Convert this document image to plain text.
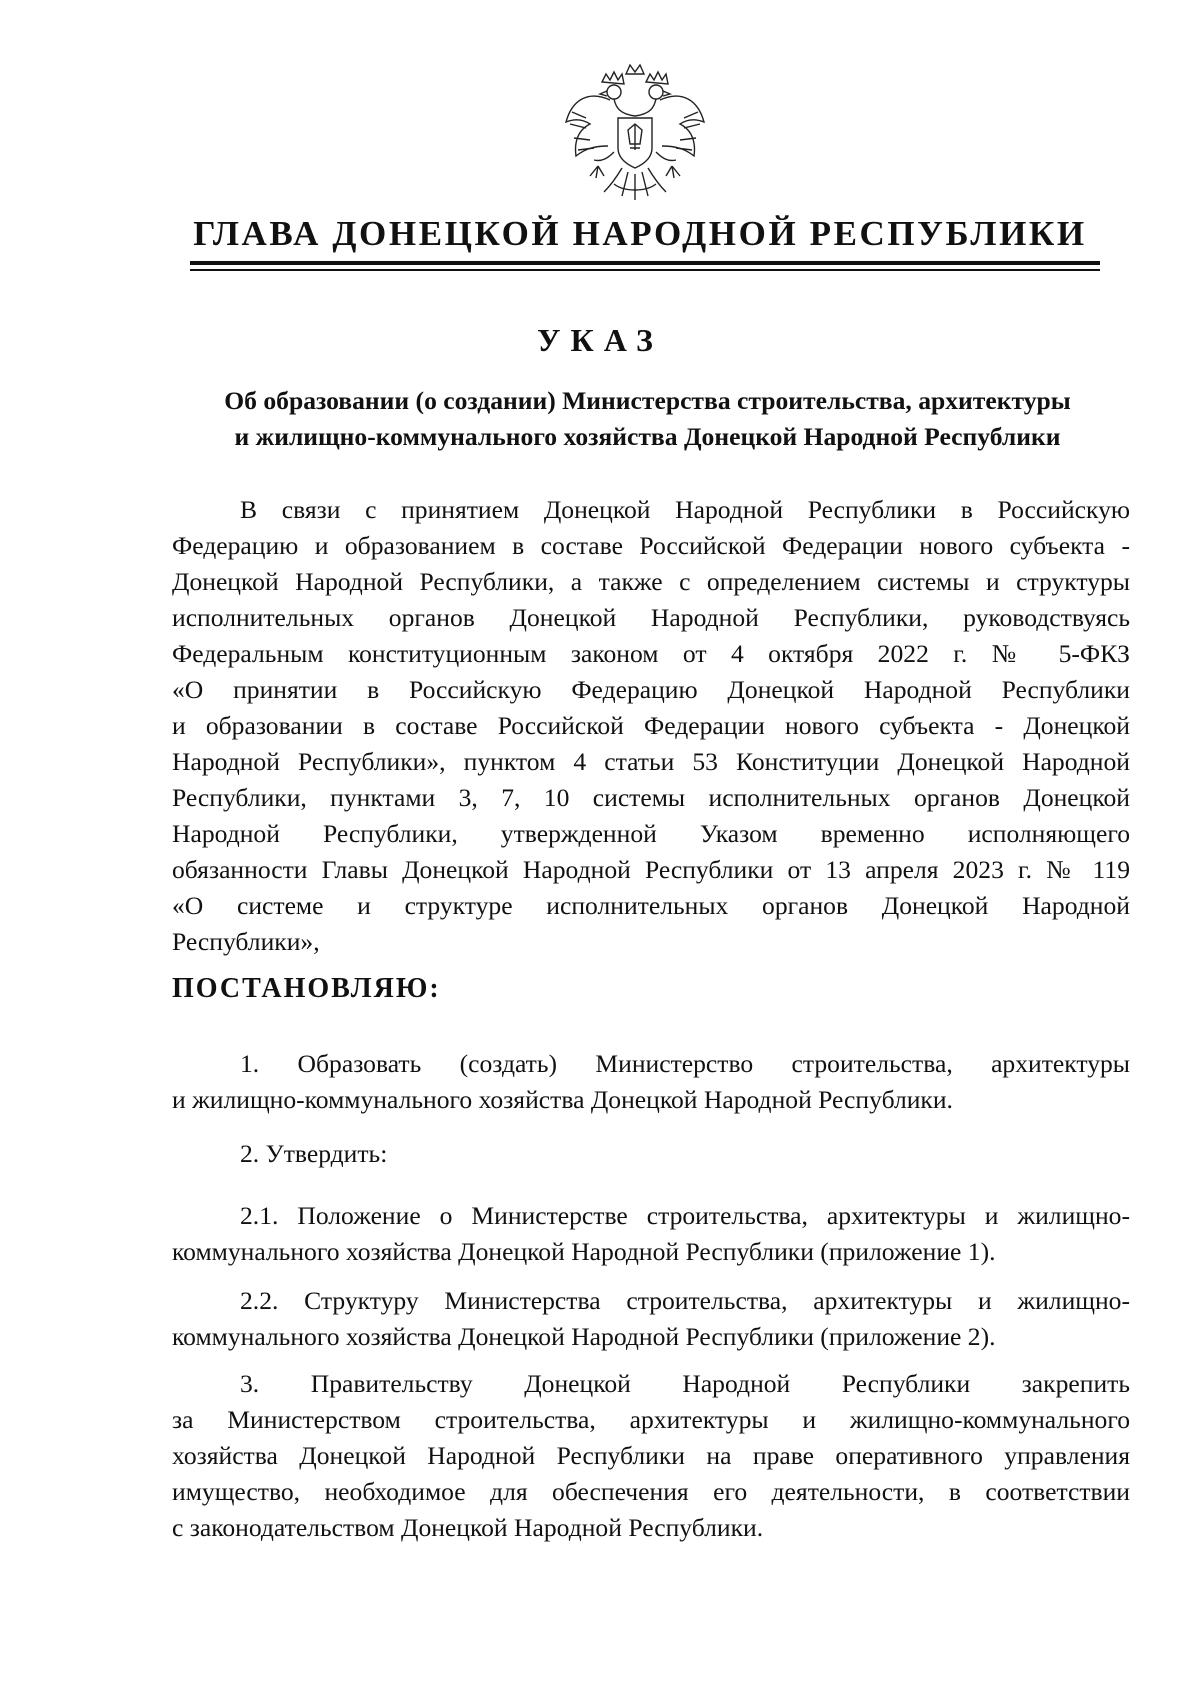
ГЛАВА ДОНЕЦКОЙ НАРОДНОЙ РЕСПУБЛИКИ
УКАЗ
Об образовании (о создании) Министерства строительства, архитектуры
и жилищно-коммунального хозяйства Донецкой Народной Республики
В связи с принятием Донецкой Народной Республики в Российскую
Федерацию и образованием в составе Российской Федерации нового субъекта -
Донецкой Народной Республики, а также с определением системы и структуры
исполнительных органов Донецкой Народной Республики, руководствуясь
Федеральным конституционным законом от 4 октября 2022 г. № 5-ФКЗ
«О принятии в Российскую Федерацию Донецкой Народной Республики
и образовании в составе Российской Федерации нового субъекта - Донецкой
Народной Республики», пунктом 4 статьи 53 Конституции Донецкой Народной
Республики, пунктами 3, 7, 10 системы исполнительных органов Донецкой
Народной Республики, утвержденной Указом временно исполняющего
обязанности Главы Донецкой Народной Республики от 13 апреля 2023 г. № 119
«О системе и структуре исполнительных органов Донецкой Народной
Республики»,

ПОСТАНОВЛЯЮ:

1. Образовать (создать) Министерство строительства, архитектуры
и жилищно-коммунального хозяйства Донецкой Народной Республики.
2. Утвердить:
2.1. Положение о Министерстве строительства, архитектуры и жилищно-
коммунального хозяйства Донецкой Народной Республики (приложение 1).
2.2. Структуру Министерства строительства, архитектуры и жилищно-
коммунального хозяйства Донецкой Народной Республики (приложение 2).
3. Правительству Донецкой Народной Республики закрепить
за Министерством строительства, архитектуры и жилищно-коммунального
хозяйства Донецкой Народной Республики на праве оперативного управления
имущество, необходимое для обеспечения его деятельности, в соответствии
с законодательством Донецкой Народной Республики.
